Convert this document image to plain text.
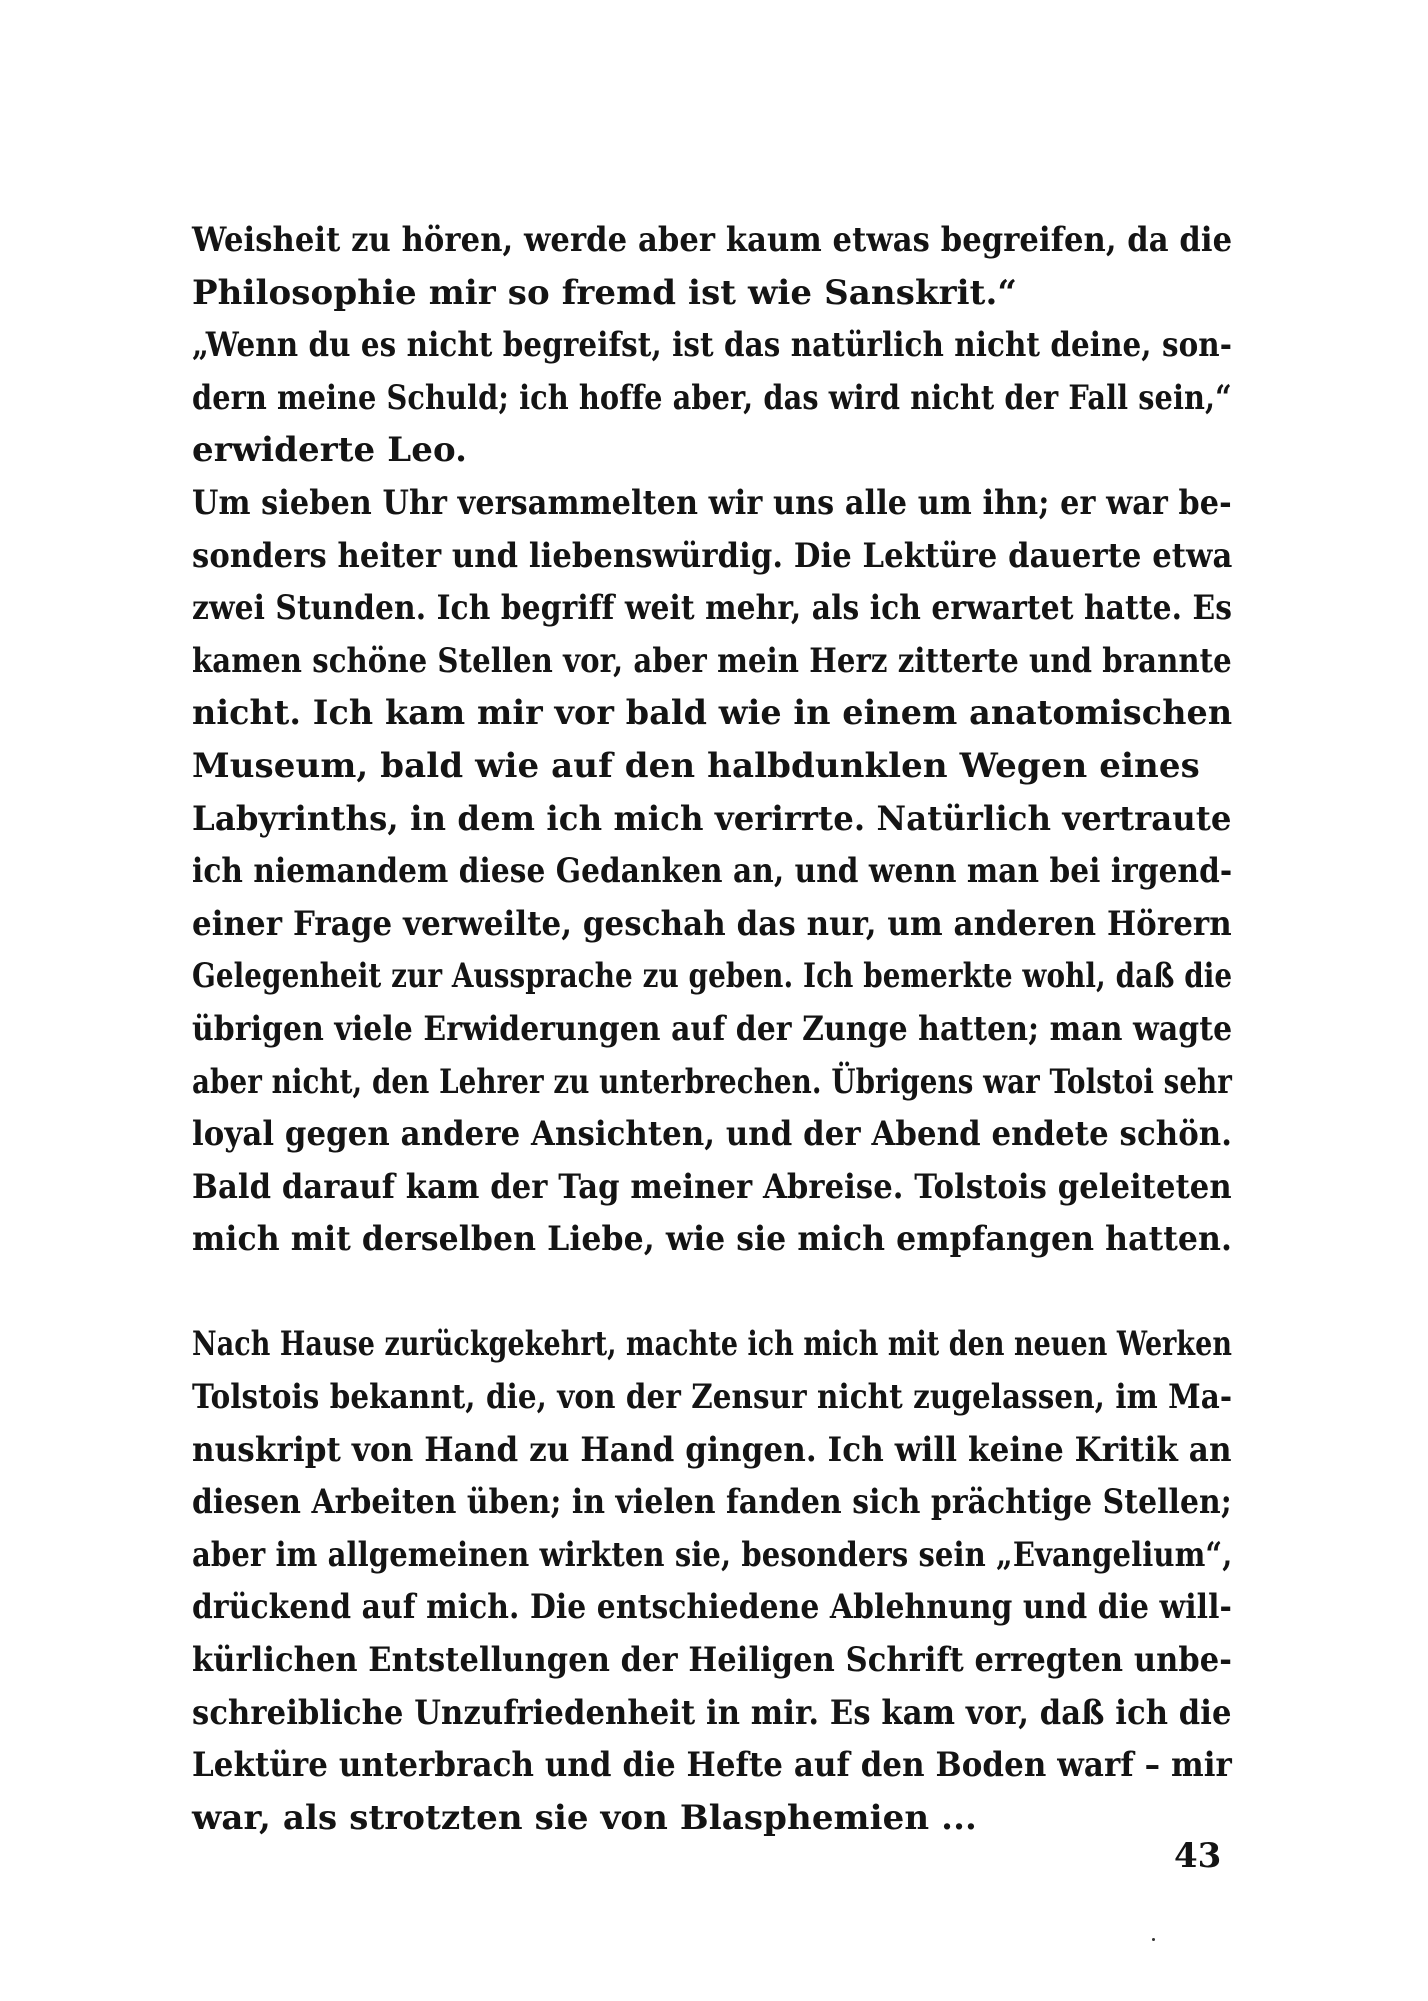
Weisheit zu hören, werde aber kaum etwas begreifen, da die
Philosophie mir so fremd ist wie Sanskrit.“
„Wenn du es nicht begreifst, ist das natürlich nicht deine, son-
dern meine Schuld; ich hoffe aber, das wird nicht der Fall sein,“
erwiderte Leo.
Um sieben Uhr versammelten wir uns alle um ihn; er war be-
sonders heiter und liebenswürdig. Die Lektüre dauerte etwa
zwei Stunden. Ich begriff weit mehr, als ich erwartet hatte. Es
kamen schöne Stellen vor, aber mein Herz zitterte und brannte
nicht. Ich kam mir vor bald wie in einem anatomischen
Museum, bald wie auf den halbdunklen Wegen eines
Labyrinths, in dem ich mich verirrte. Natürlich vertraute
ich niemandem diese Gedanken an, und wenn man bei irgend-
einer Frage verweilte, geschah das nur, um anderen Hörern
Gelegenheit zur Aussprache zu geben. Ich bemerkte wohl, daß die
übrigen viele Erwiderungen auf der Zunge hatten; man wagte
aber nicht, den Lehrer zu unterbrechen. Übrigens war Tolstoi sehr
loyal gegen andere Ansichten, und der Abend endete schön.
Bald darauf kam der Tag meiner Abreise. Tolstois geleiteten
mich mit derselben Liebe, wie sie mich empfangen hatten.
Nach Hause zurückgekehrt, machte ich mich mit den neuen Werken
Tolstois bekannt, die, von der Zensur nicht zugelassen, im Ma-
nuskript von Hand zu Hand gingen. Ich will keine Kritik an
diesen Arbeiten üben; in vielen fanden sich prächtige Stellen;
aber im allgemeinen wirkten sie, besonders sein „Evangelium“,
drückend auf mich. Die entschiedene Ablehnung und die will-
kürlichen Entstellungen der Heiligen Schrift erregten unbe-
schreibliche Unzufriedenheit in mir. Es kam vor, daß ich die
Lektüre unterbrach und die Hefte auf den Boden warf – mir
war, als strotzten sie von Blasphemien ...
43
